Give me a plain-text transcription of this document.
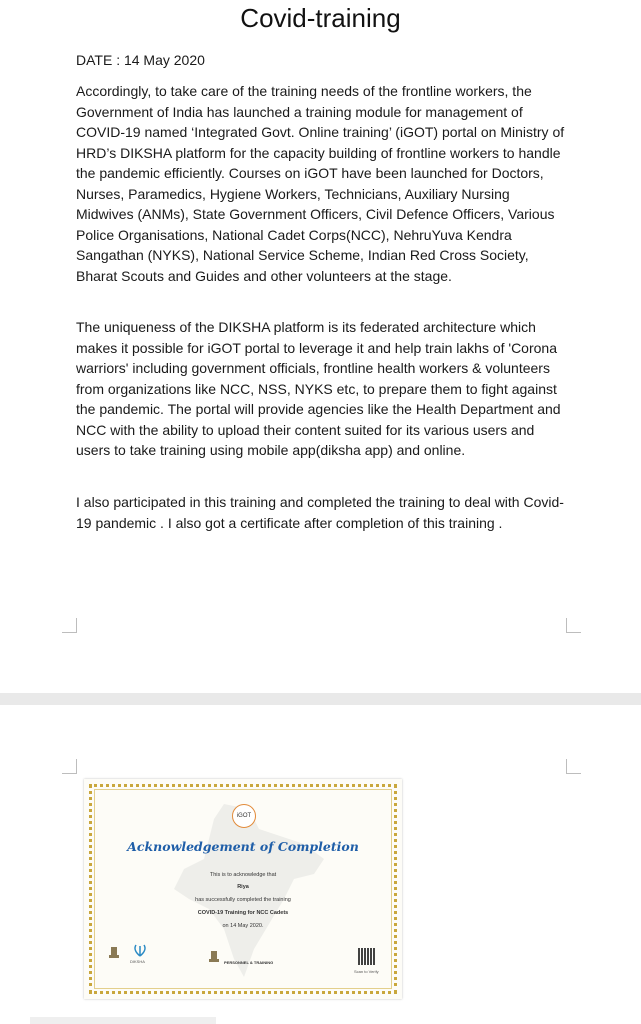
Covid-training
DATE : 14 May 2020
Accordingly, to take care of the training needs of the frontline workers, the Government of India has launched a training module for management of COVID-19 named ‘Integrated Govt. Online training’ (iGOT) portal on Ministry of HRD’s DIKSHA platform for the capacity building of frontline workers to handle the pandemic efficiently. Courses on iGOT have been launched for Doctors, Nurses, Paramedics, Hygiene Workers, Technicians, Auxiliary Nursing Midwives (ANMs), State Government Officers, Civil Defence Officers, Various Police Organisations, National Cadet Corps(NCC), NehruYuva Kendra Sangathan (NYKS), National Service Scheme, Indian Red Cross Society, Bharat Scouts and Guides and other volunteers at the stage.
The uniqueness of the DIKSHA platform is its federated architecture which makes it possible for iGOT portal to leverage it and help train lakhs of 'Corona warriors' including government officials, frontline health workers & volunteers from organizations like NCC, NSS, NYKS etc, to prepare them to fight against the pandemic. The portal will provide agencies like the Health Department and NCC with the ability to upload their content suited for its various users and users to take training using mobile app(diksha app) and online.
I also participated in this training and completed the training to deal with Covid-19 pandemic . I also got a certificate after completion of this training .
iGOT
Acknowledgement of Completion
This is to acknowledge that
Riya
has successfully completed the training
COVID-19 Training for NCC Cadets
on 14 May 2020.
DIKSHA	PERSONNEL & TRAINING
Scan to Verify
